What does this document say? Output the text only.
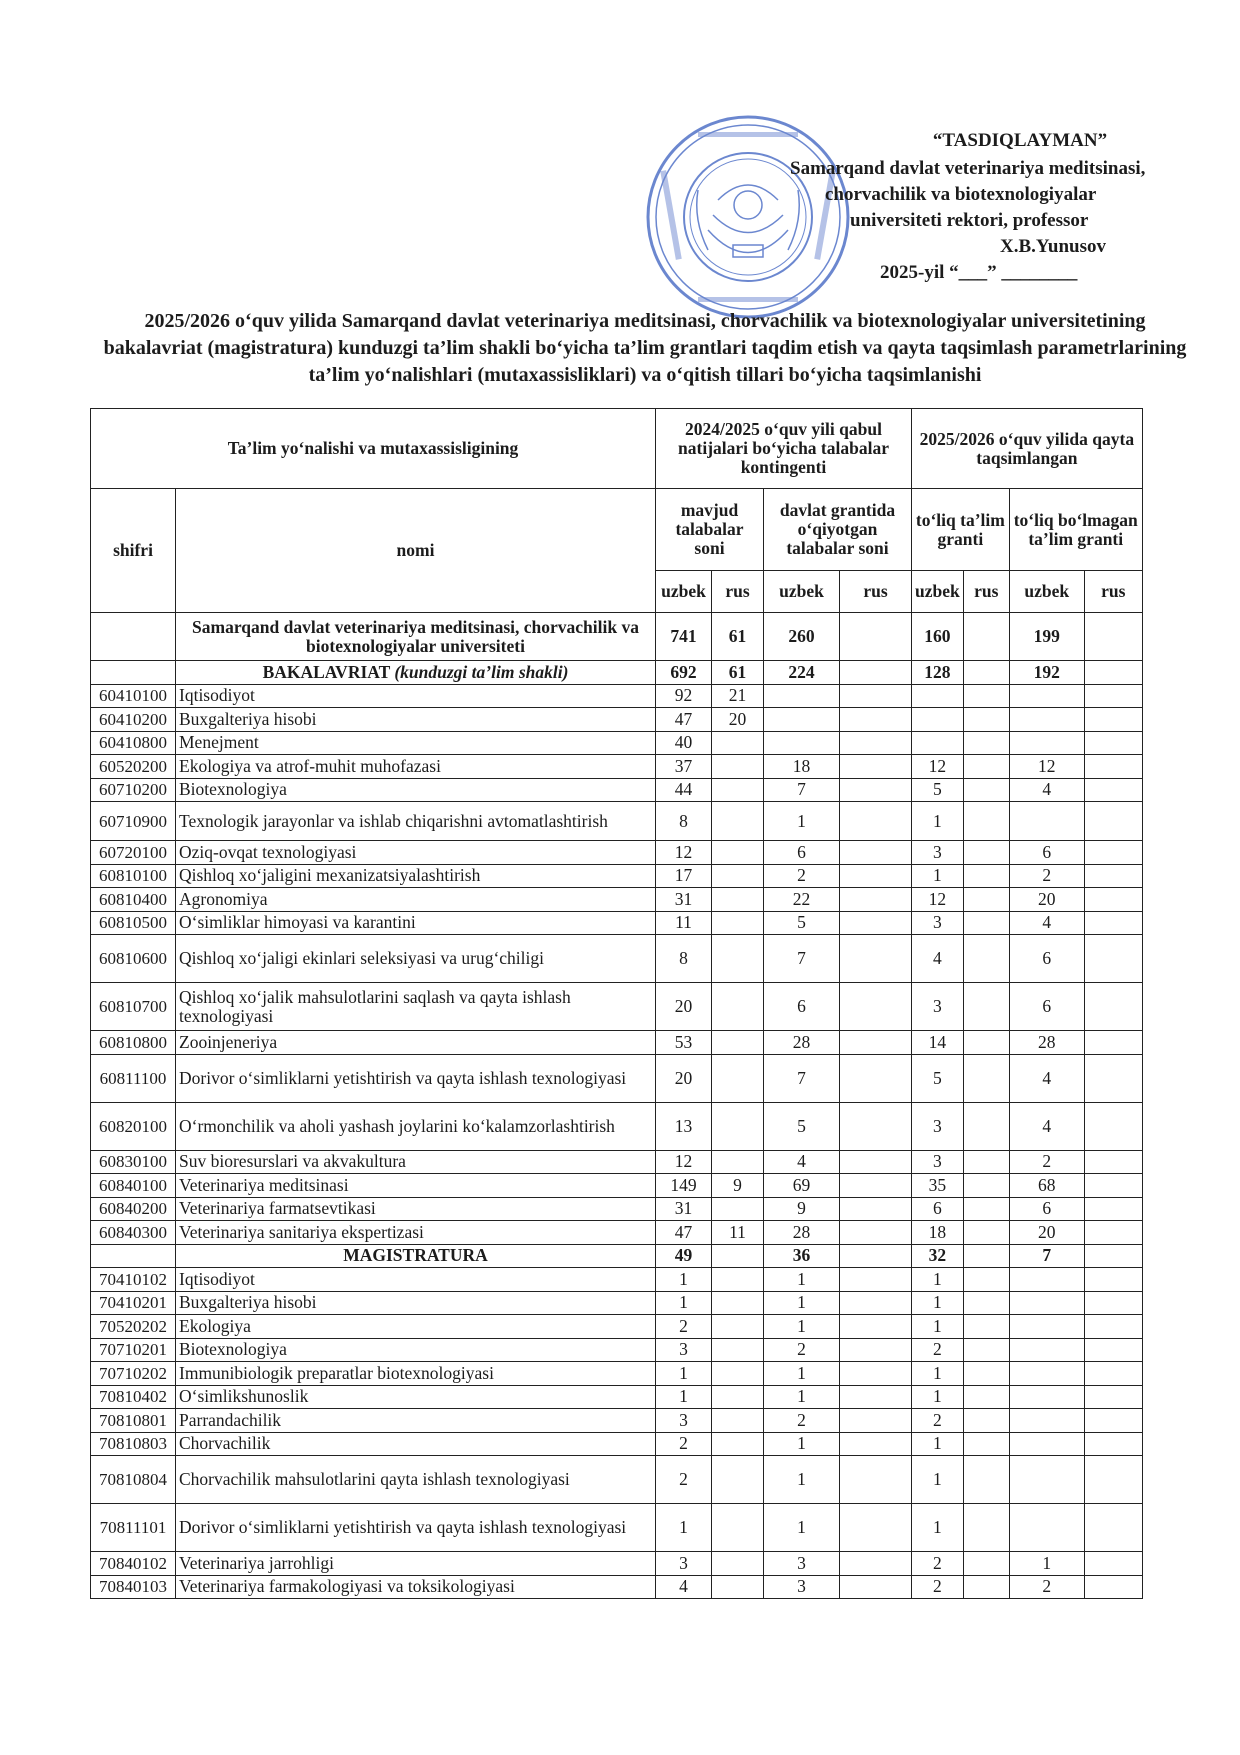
“TASDIQLAYMAN”
Samarqand davlat veterinariya meditsinasi,
chorvachilik va biotexnologiyalar
universiteti rektori, professor
X.B.Yunusov
2025-yil “___” ________
2025/2026 o‘quv yilida Samarqand davlat veterinariya meditsinasi, chorvachilik va biotexnologiyalar universitetining bakalavriat (magistratura) kunduzgi ta’lim shakli bo‘yicha ta’lim grantlari taqdim etish va qayta taqsimlash parametrlarining ta’lim yo‘nalishlari (mutaxassisliklari) va o‘qitish tillari bo‘yicha taqsimlanishi
Ta’lim yo‘nalishi va mutaxassisligining		2024/2025 o‘quv yili qabul natijalari bo‘yicha talabalar kontingenti				2025/2026 o‘quv yilida qayta taqsimlangan			
shifri	nomi	mavjud talabalar soni		davlat grantida o‘qiyotgan talabalar soni		to‘liq ta’lim granti		to‘liq bo‘lmagan ta’lim granti	
		uzbek	rus	uzbek	rus	uzbek	rus	uzbek	rus
	Samarqand davlat veterinariya meditsinasi, chorvachilik va biotexnologiyalar universiteti	741	61	260		160		199	
	BAKALAVRIAT (kunduzgi ta’lim shakli)	692	61	224		128		192	
60410100	Iqtisodiyot	92	21						
60410200	Buxgalteriya hisobi	47	20						
60410800	Menejment	40							
60520200	Ekologiya va atrof-muhit muhofazasi	37		18		12		12	
60710200	Biotexnologiya	44		7		5		4	
60710900	Texnologik jarayonlar va ishlab chiqarishni avtomatlashtirish	8		1		1			
60720100	Oziq-ovqat texnologiyasi	12		6		3		6	
60810100	Qishloq xo‘jaligini mexanizatsiyalashtirish	17		2		1		2	
60810400	Agronomiya	31		22		12		20	
60810500	O‘simliklar himoyasi va karantini	11		5		3		4	
60810600	Qishloq xo‘jaligi ekinlari seleksiyasi va urug‘chiligi	8		7		4		6	
60810700	Qishloq xo‘jalik mahsulotlarini saqlash va qayta ishlash texnologiyasi	20		6		3		6	
60810800	Zooinjeneriya	53		28		14		28	
60811100	Dorivor o‘simliklarni yetishtirish va qayta ishlash texnologiyasi	20		7		5		4	
60820100	O‘rmonchilik va aholi yashash joylarini ko‘kalamzorlashtirish	13		5		3		4	
60830100	Suv bioresurslari va akvakultura	12		4		3		2	
60840100	Veterinariya meditsinasi	149	9	69		35		68	
60840200	Veterinariya farmatsevtikasi	31		9		6		6	
60840300	Veterinariya sanitariya ekspertizasi	47	11	28		18		20	
	MAGISTRATURA	49		36		32		7	
70410102	Iqtisodiyot	1		1		1			
70410201	Buxgalteriya hisobi	1		1		1			
70520202	Ekologiya	2		1		1			
70710201	Biotexnologiya	3		2		2			
70710202	Immunibiologik preparatlar biotexnologiyasi	1		1		1			
70810402	O‘simlikshunoslik	1		1		1			
70810801	Parrandachilik	3		2		2			
70810803	Chorvachilik	2		1		1			
70810804	Chorvachilik mahsulotlarini qayta ishlash texnologiyasi	2		1		1			
70811101	Dorivor o‘simliklarni yetishtirish va qayta ishlash texnologiyasi	1		1		1			
70840102	Veterinariya jarrohligi	3		3		2		1	
70840103	Veterinariya farmakologiyasi va toksikologiyasi	4		3		2		2	
